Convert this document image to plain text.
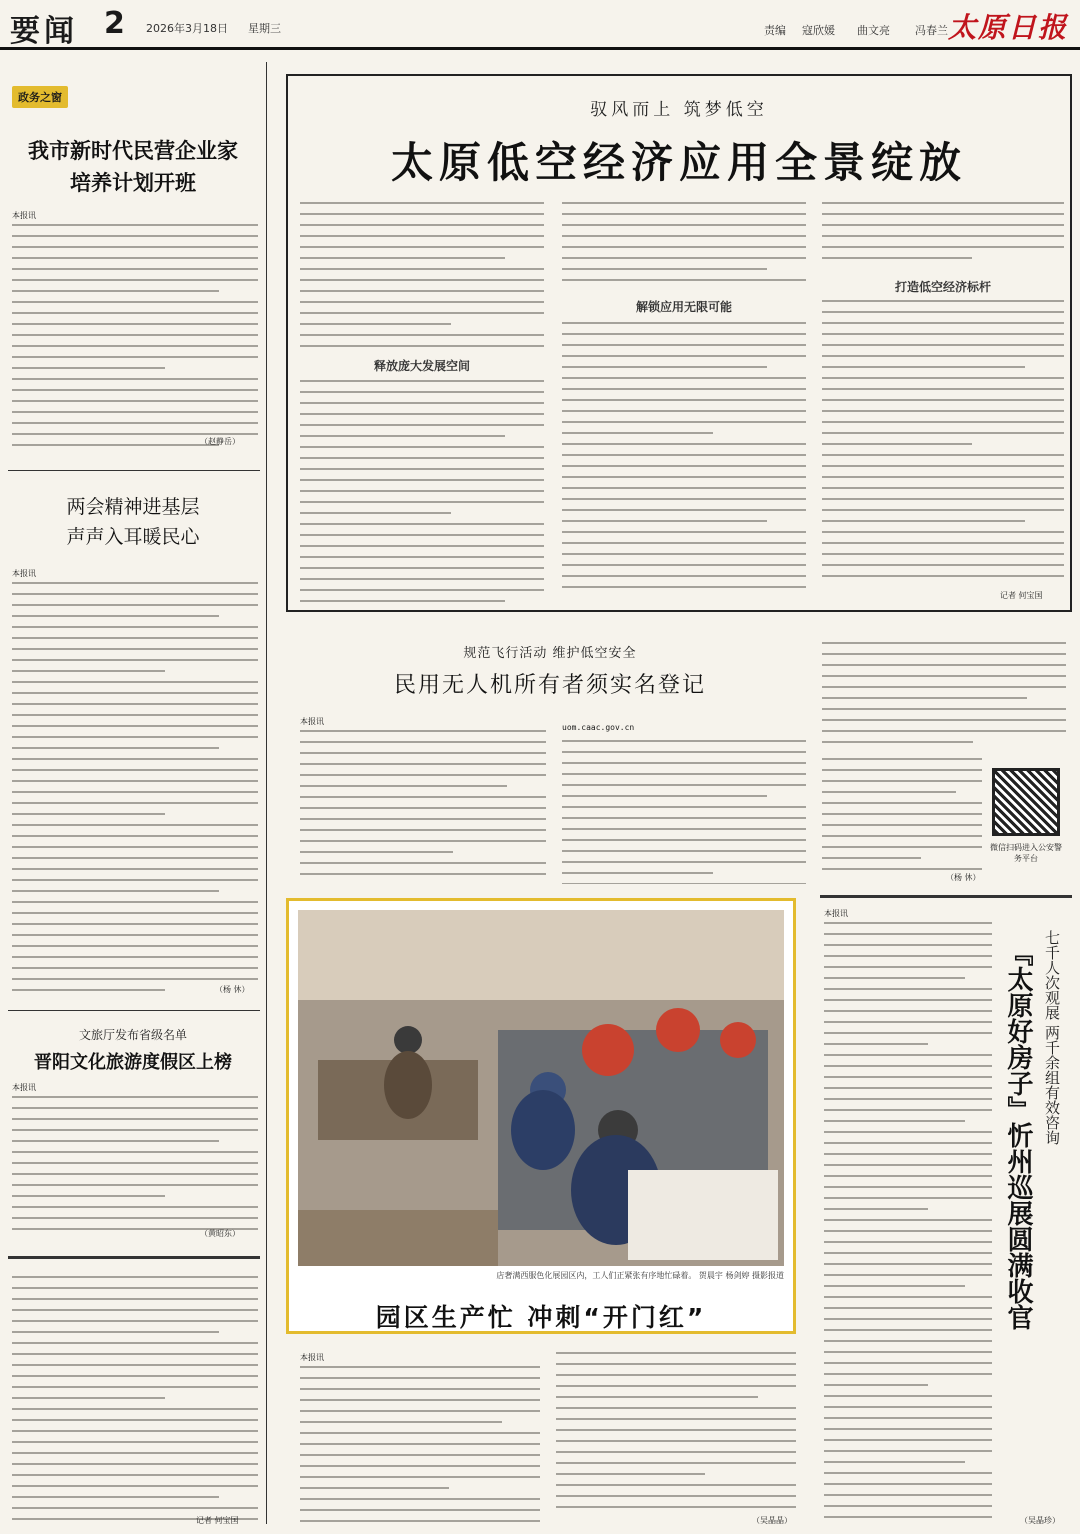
要闻 2 2026年3月18日 星期三	责编 寇欣媛 曲文亮 冯春兰 太原日报
政务之窗
我市新时代民营企业家
培养计划开班
本报讯
（赵静岳）
两会精神进基层
声声入耳暖民心
本报讯
（杨 休）
文旅厅发布省级名单
晋阳文化旅游度假区上榜
本报讯
（黄昭东）
记者 何宝国
驭风而上 筑梦低空
太原低空经济应用全景绽放
释放庞大发展空间
解锁应用无限可能
打造低空经济标杆
记者 何宝国
规范飞行活动 维护低空安全
民用无人机所有者须实名登记
本报讯
uom.caac.gov.cn
（杨 休）
微信扫码进入公安警务平台
店奢满西服色化展园区内，工人们正紧张有序地忙碌着。 贺晨宇 杨剑婷 摄影报道
园区生产忙 冲刺“开门红”
本报讯
（吴晶晶）
本报讯
七千人次观展 两千余组有效咨询
『太原好房子』忻州巡展圆满收官
（吴晶珍）
